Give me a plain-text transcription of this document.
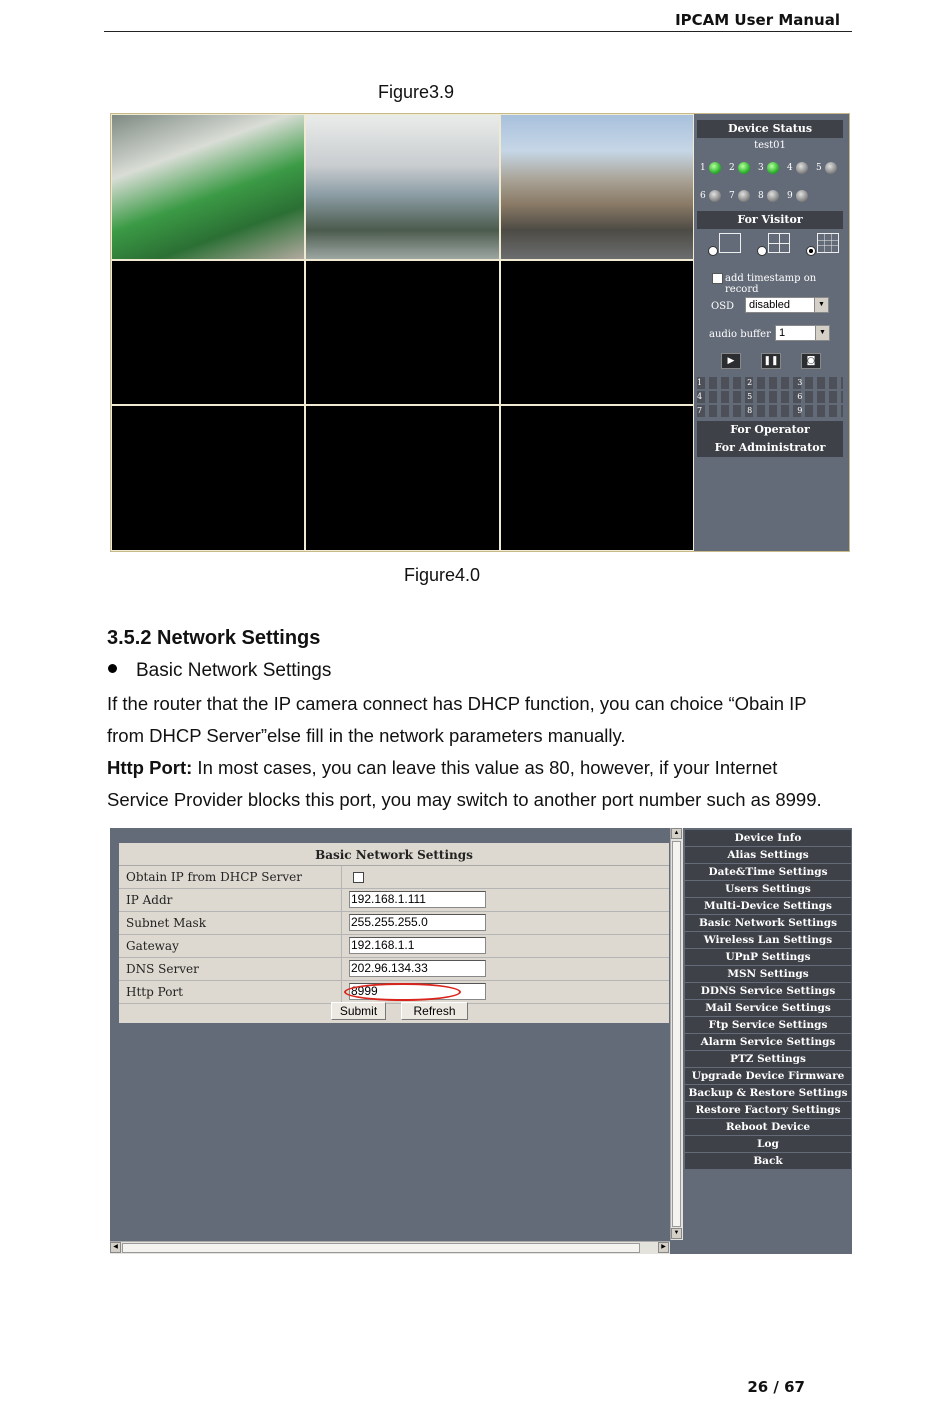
IPCAM User Manual
Figure3.9
Device Status
test01
1	2	3	4	5
6	7	8	9
For Visitor
add timestamp on record
OSD	disabled	▼
audio buffer 1	▼
▶	❚❚	◙
1	2	3
4	5	6
7	8	9
For Operator
For Administrator
Figure4.0
3.5.2 Network Settings
Basic Network Settings
If the router that the IP camera connect has DHCP function, you can choice “Obain IP
from DHCP Server”else fill in the network parameters manually.
Http Port: In most cases, you can leave this value as 80, however, if your Internet
Service Provider blocks this port, you may switch to another port number such as 8999.
Basic Network Settings
Obtain IP from DHCP Server
IP Addr	192.168.1.111
Subnet Mask	255.255.255.0
Gateway	192.168.1.1
DNS Server	202.96.134.33
Http Port	8999
Submit	Refresh
▲
▼
◀	▶
Device Info
Alias Settings
Date&Time Settings
Users Settings
Multi-Device Settings
Basic Network Settings
Wireless Lan Settings
UPnP Settings
MSN Settings
DDNS Service Settings
Mail Service Settings
Ftp Service Settings
Alarm Service Settings
PTZ Settings
Upgrade Device Firmware
Backup & Restore Settings
Restore Factory Settings
Reboot Device
Log
Back
26 / 67
